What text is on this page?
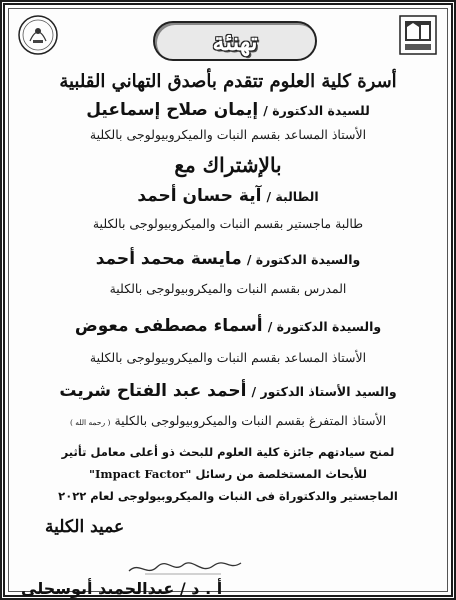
تهنئة
أسرة كلية العلوم تتقدم بأصدق التهاني القلبية
للسيدة الدكتورة / إيمان صلاح إسماعيل
الأستاذ المساعد بقسم النبات والميكروبيولوجى بالكلية
بالإشتراك مع
الطالبة / آية حسان أحمد
طالبة ماجستير بقسم النبات والميكروبيولوجى بالكلية
والسيدة الدكتورة / مايسة محمد أحمد
المدرس بقسم النبات والميكروبيولوجى بالكلية
والسيدة الدكتورة / أسماء مصطفى معوض
الأستاذ المساعد بقسم النبات والميكروبيولوجى بالكلية
والسيد الأستاذ الدكتور / أحمد عبد الفتاح شريت
الأستاذ المتفرغ بقسم النبات والميكروبيولوجى بالكلية ( رحمه الله )
لمنح سيادتهم جائزة كلية العلوم للبحث ذو أعلى معامل تأثير
للأبحاث المستخلصة من رسائل "Impact Factor"
الماجستير والدكتوراة فى النبات والميكروبيولوجى لعام ٢٠٢٢
عميد الكلية
أ . د / عبدالحميد أبوسحلى
